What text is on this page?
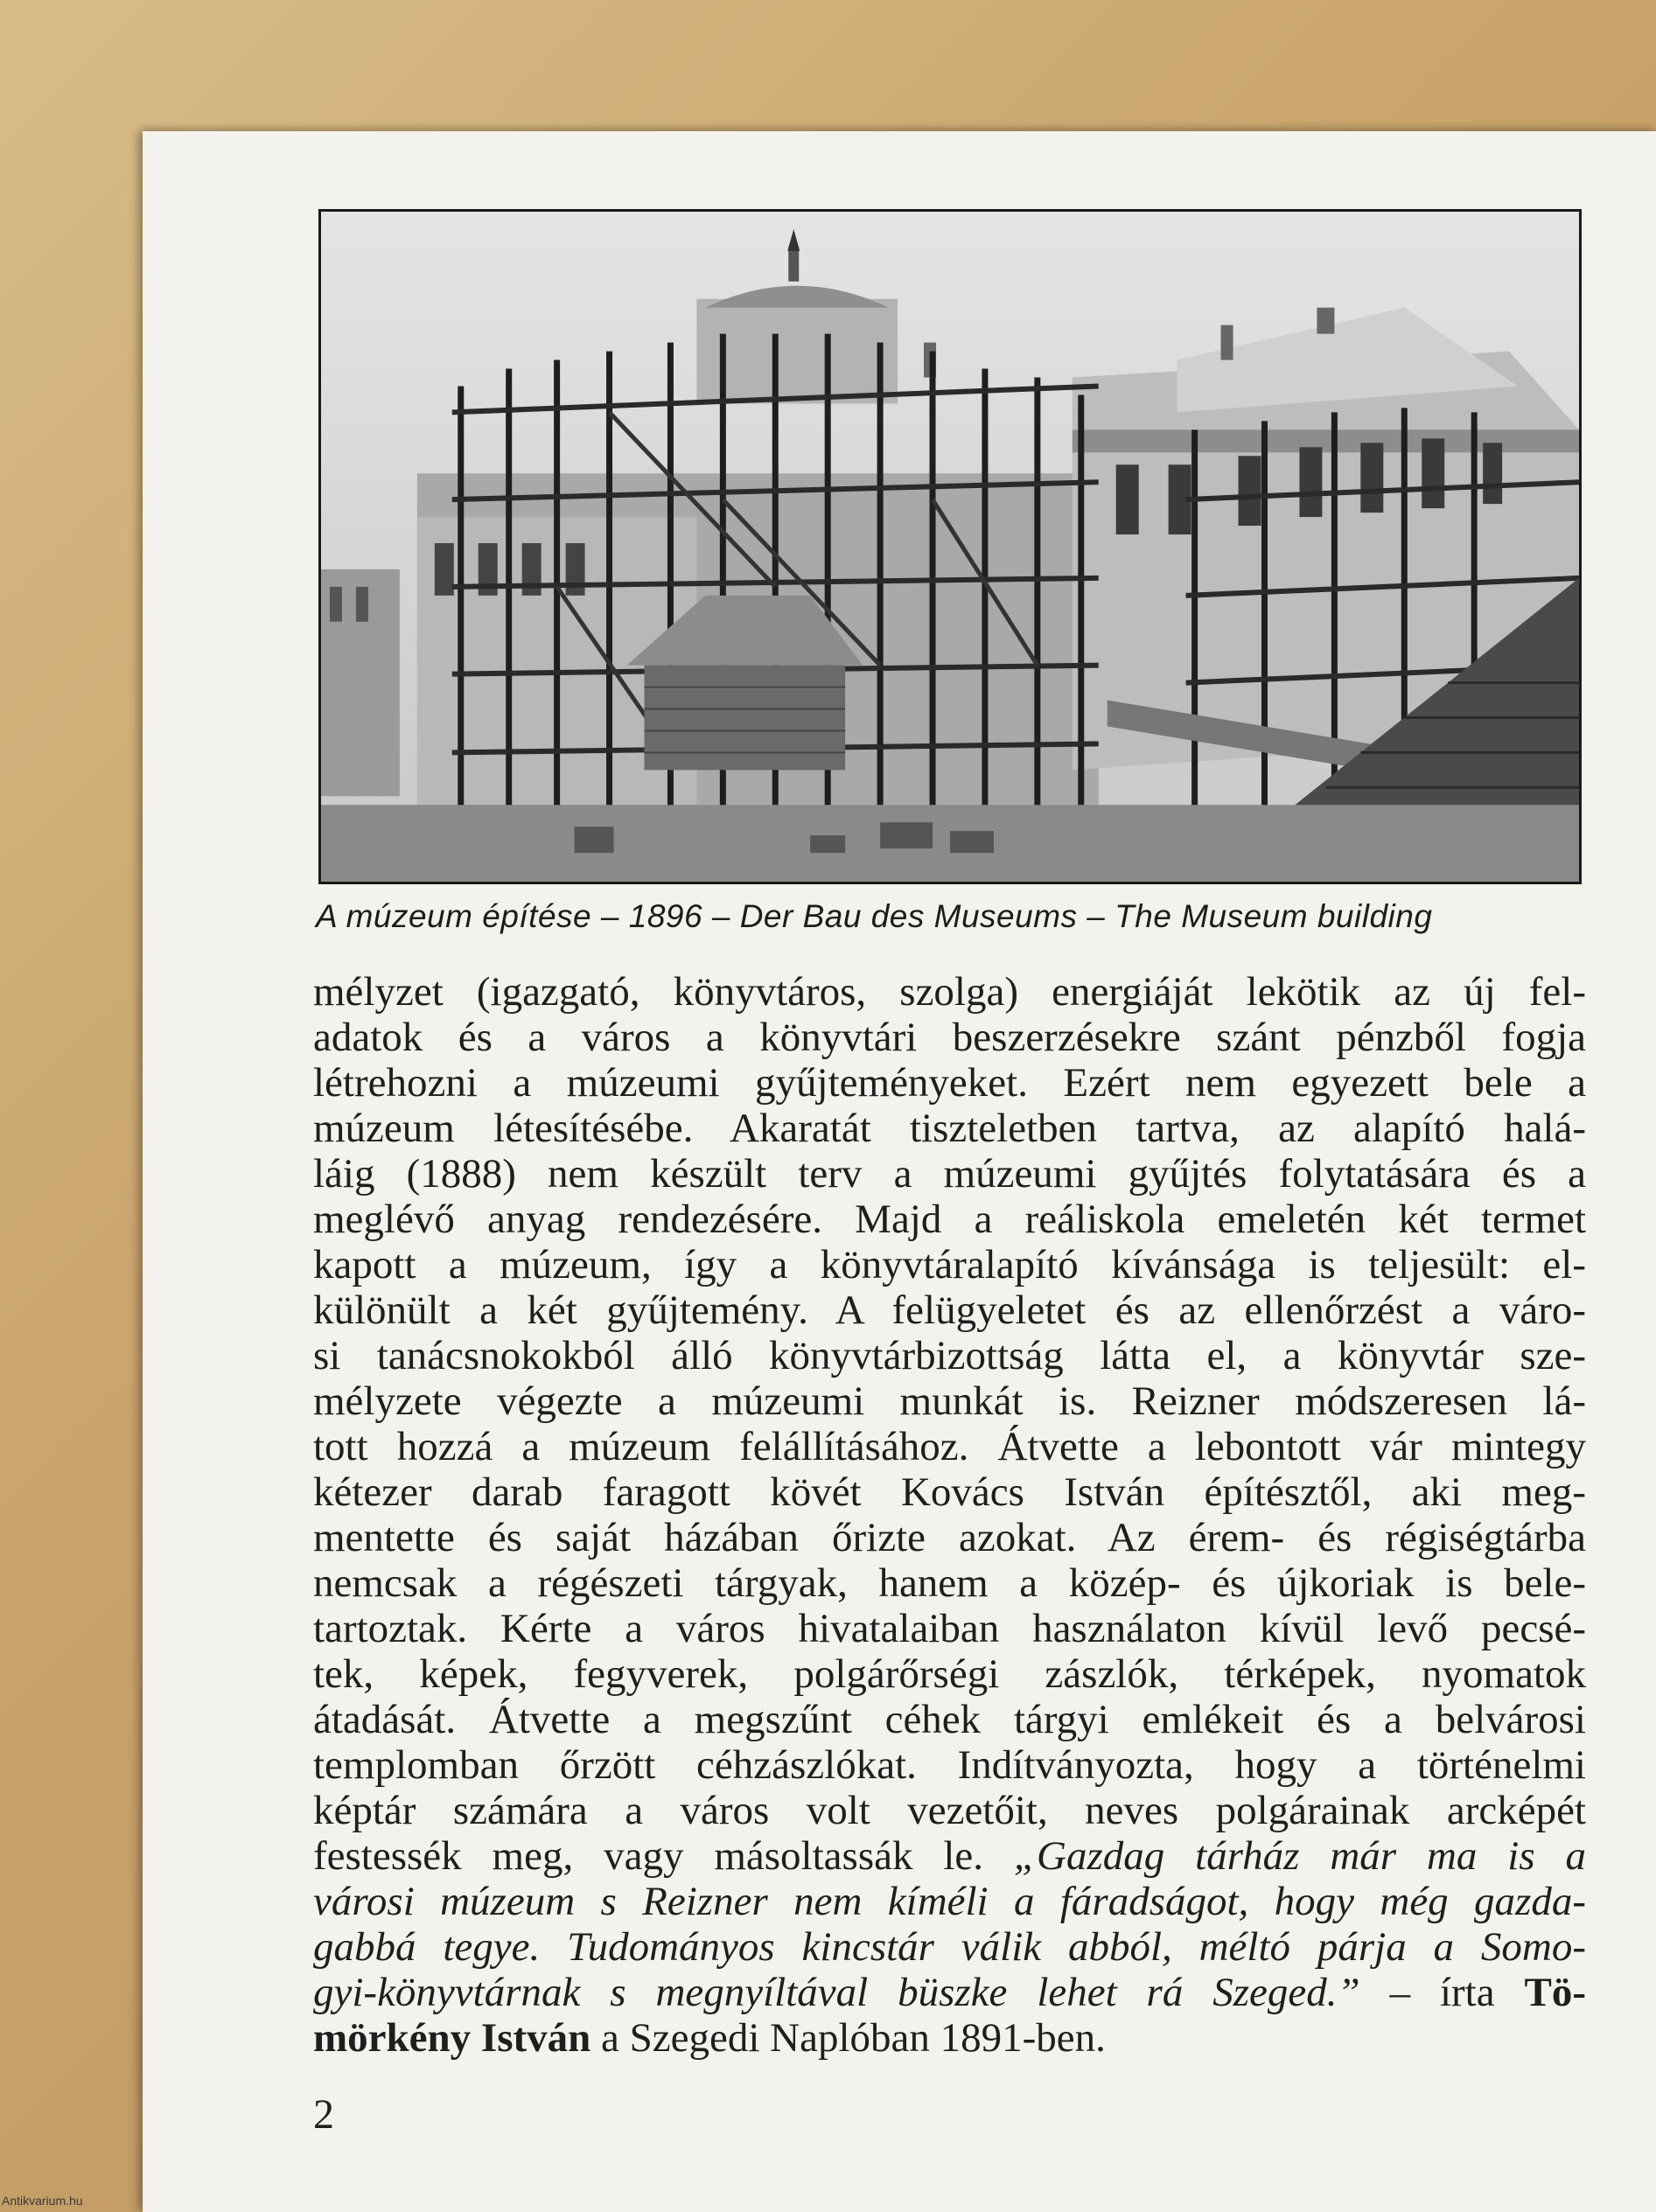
A múzeum építése – 1896 – Der Bau des Museums – The Museum building
mélyzet (igazgató, könyvtáros, szolga) energiáját lekötik az új fel-
adatok és a város a könyvtári beszerzésekre szánt pénzből fogja
létrehozni a múzeumi gyűjteményeket. Ezért nem egyezett bele a
múzeum létesítésébe. Akaratát tiszteletben tartva, az alapító halá-
láig (1888) nem készült terv a múzeumi gyűjtés folytatására és a
meglévő anyag rendezésére. Majd a reáliskola emeletén két termet
kapott a múzeum, így a könyvtáralapító kívánsága is teljesült: el-
különült a két gyűjtemény. A felügyeletet és az ellenőrzést a váro-
si tanácsnokokból álló könyvtárbizottság látta el, a könyvtár sze-
mélyzete végezte a múzeumi munkát is. Reizner módszeresen lá-
tott hozzá a múzeum felállításához. Átvette a lebontott vár mintegy
kétezer darab faragott kövét Kovács István építésztől, aki meg-
mentette és saját házában őrizte azokat. Az érem- és régiségtárba
nemcsak a régészeti tárgyak, hanem a közép- és újkoriak is bele-
tartoztak. Kérte a város hivatalaiban használaton kívül levő pecsé-
tek, képek, fegyverek, polgárőrségi zászlók, térképek, nyomatok
átadását. Átvette a megszűnt céhek tárgyi emlékeit és a belvárosi
templomban őrzött céhzászlókat. Indítványozta, hogy a történelmi
képtár számára a város volt vezetőit, neves polgárainak arcképét
festessék meg, vagy másoltassák le. „Gazdag tárház már ma is a
városi múzeum s Reizner nem kíméli a fáradságot, hogy még gazda-
gabbá tegye. Tudományos kincstár válik abból, méltó párja a Somo-
gyi-könyvtárnak s megnyíltával büszke lehet rá Szeged.” – írta Tö-
mörkény István a Szegedi Naplóban 1891-ben.
2
Antikvarium.hu
